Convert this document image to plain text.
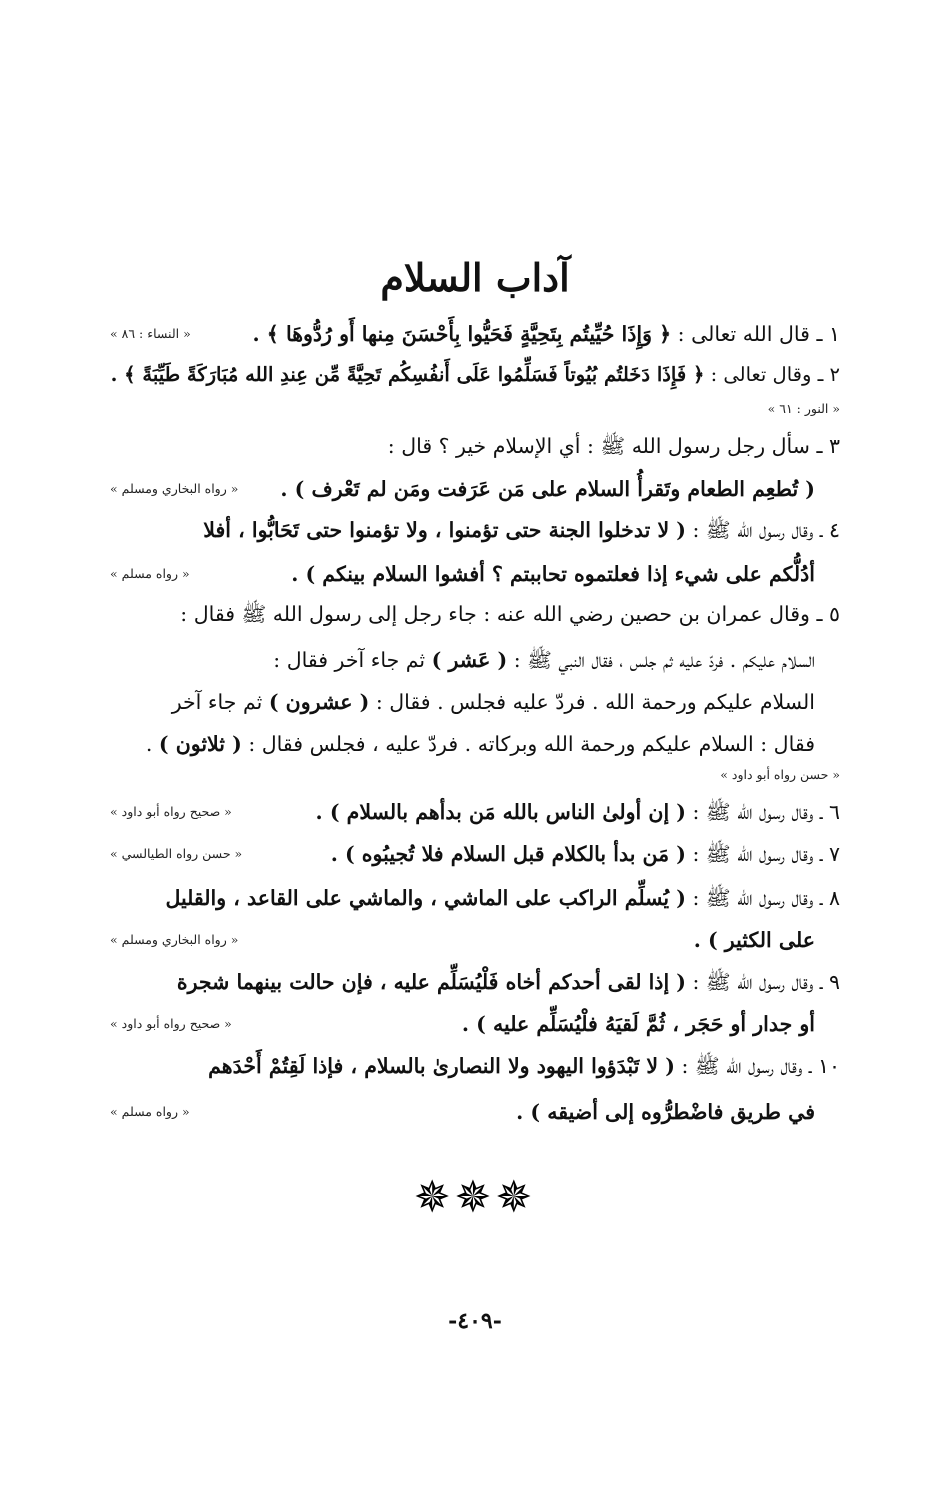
آداب السلام
١ ـ قال الله تعالى : ﴿ وَإِذَا حُيِّيتُم بِتَحِيَّةٍ فَحَيُّوا بِأَحْسَنَ مِنها أَو رُدُّوهَا ﴾ .
« النساء : ٨٦ »
٢ ـ وقال تعالى : ﴿ فَإِذَا دَخَلتُم بُيُوتاً فَسَلِّمُوا عَلَى أَنفُسِكُم تَحِيَّةً مِّن عِندِ الله مُبَارَكَةً طَيِّبَةً ﴾ .
« النور : ٦١ »
٣ ـ سأل رجل رسول الله ﷺ : أي الإسلام خير ؟ قال :
( تُطعِم الطعام وتَقرأُ السلام على مَن عَرَفت ومَن لم تَعْرف ) .
« رواه البخاري ومسلم »
٤ ـ وقال رسول الله ﷺ : ( لا تدخلوا الجنة حتى تؤمنوا ، ولا تؤمنوا حتى تَحَابُّوا ، أفلا
أدُلُّكم على شيء إذا فعلتموه تحاببتم ؟ أفشوا السلام بينكم ) .
« رواه مسلم »
٥ ـ وقال عمران بن حصين رضي الله عنه : جاء رجل إلى رسول الله ﷺ فقال :
السلام عليكم . فردّ عليه ثم جلس ، فقال النبي ﷺ : ( عَشر ) ثم جاء آخر فقال :
السلام عليكم ورحمة الله . فردّ عليه فجلس . فقال : ( عشرون ) ثم جاء آخر
فقال : السلام عليكم ورحمة الله وبركاته . فردّ عليه ، فجلس فقال : ( ثلاثون ) .
« حسن رواه أبو داود »
٦ ـ وقال رسول الله ﷺ : ( إن أولىٰ الناس بالله مَن بدأهم بالسلام ) .
« صحيح رواه أبو داود »
٧ ـ وقال رسول الله ﷺ : ( مَن بدأ بالكلام قبل السلام فلا تُجيبُوه ) .
« حسن رواه الطيالسي »
٨ ـ وقال رسول الله ﷺ : ( يُسلِّم الراكب على الماشي ، والماشي على القاعد ، والقليل
على الكثير ) .
« رواه البخاري ومسلم »
٩ ـ وقال رسول الله ﷺ : ( إذا لقى أحدكم أخاه فَلْيُسَلِّم عليه ، فإن حالت بينهما شجرة
أو جدار أو حَجَر ، ثُمَّ لَقيَهُ فلْيُسَلِّم عليه ) .
« صحيح رواه أبو داود »
١٠ ـ وقال رسول الله ﷺ : ( لا تَبْدَؤوا اليهود ولا النصارىٰ بالسلام ، فإذا لَقِتُمْ أَحْدَهم
في طريق فاضْطرُّوه إلى أضيقه ) .
« رواه مسلم »
✵✵✵
-٤٠٩-
